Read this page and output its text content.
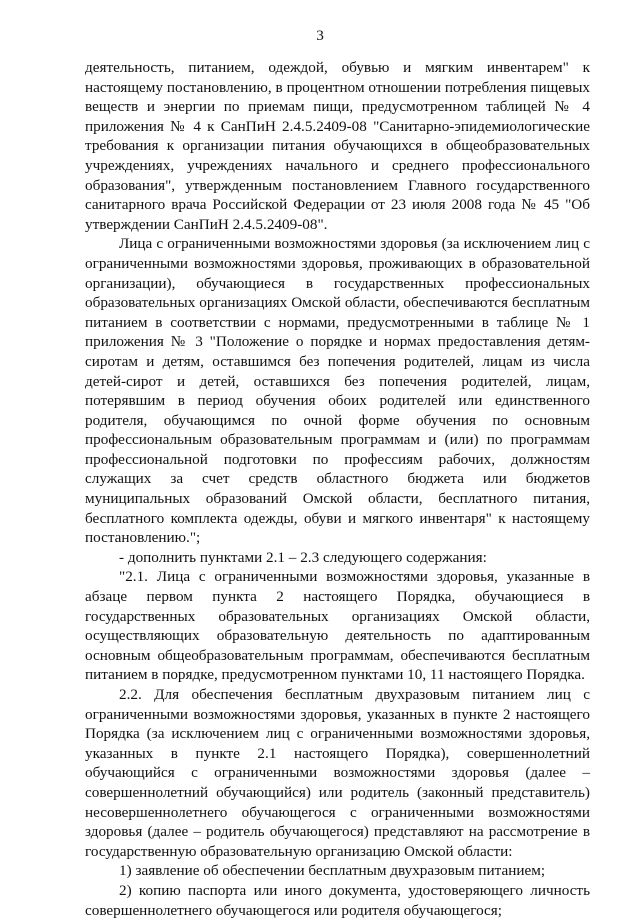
3

деятельность, питанием, одеждой, обувью и мягким инвентарем" к настоящему постановлению, в процентном отношении потребления пищевых веществ и энергии по приемам пищи, предусмотренном таблицей № 4 приложения № 4 к СанПиН 2.4.5.2409-08 "Санитарно-эпидемиологические требования к организации питания обучающихся в общеобразовательных учреждениях, учреждениях начального и среднего профессионального образования", утвержденным постановлением Главного государственного санитарного врача Российской Федерации от 23 июля 2008 года № 45 "Об утверждении СанПиН 2.4.5.2409-08".

Лица с ограниченными возможностями здоровья (за исключением лиц с ограниченными возможностями здоровья, проживающих в образовательной организации), обучающиеся в государственных профессиональных образовательных организациях Омской области, обеспечиваются бесплатным питанием в соответствии с нормами, предусмотренными в таблице № 1 приложения № 3 "Положение о порядке и нормах предоставления детям-сиротам и детям, оставшимся без попечения родителей, лицам из числа детей-сирот и детей, оставшихся без попечения родителей, лицам, потерявшим в период обучения обоих родителей или единственного родителя, обучающимся по очной форме обучения по основным профессиональным образовательным программам и (или) по программам профессиональной подготовки по профессиям рабочих, должностям служащих за счет средств областного бюджета или бюджетов муниципальных образований Омской области, бесплатного питания, бесплатного комплекта одежды, обуви и мягкого инвентаря" к настоящему постановлению.";

- дополнить пунктами 2.1 – 2.3 следующего содержания:

"2.1. Лица с ограниченными возможностями здоровья, указанные в абзаце первом пункта 2 настоящего Порядка, обучающиеся в государственных образовательных организациях Омской области, осуществляющих образовательную деятельность по адаптированным основным общеобразовательным программам, обеспечиваются бесплатным питанием в порядке, предусмотренном пунктами 10, 11 настоящего Порядка.

2.2. Для обеспечения бесплатным двухразовым питанием лиц с ограниченными возможностями здоровья, указанных в пункте 2 настоящего Порядка (за исключением лиц с ограниченными возможностями здоровья, указанных в пункте 2.1 настоящего Порядка), совершеннолетний обучающийся с ограниченными возможностями здоровья (далее – совершеннолетний обучающийся) или родитель (законный представитель) несовершеннолетнего обучающегося с ограниченными возможностями здоровья (далее – родитель обучающегося) представляют на рассмотрение в государственную образовательную организацию Омской области:

1) заявление об обеспечении бесплатным двухразовым питанием;

2) копию паспорта или иного документа, удостоверяющего личность совершеннолетнего обучающегося или родителя обучающегося;
